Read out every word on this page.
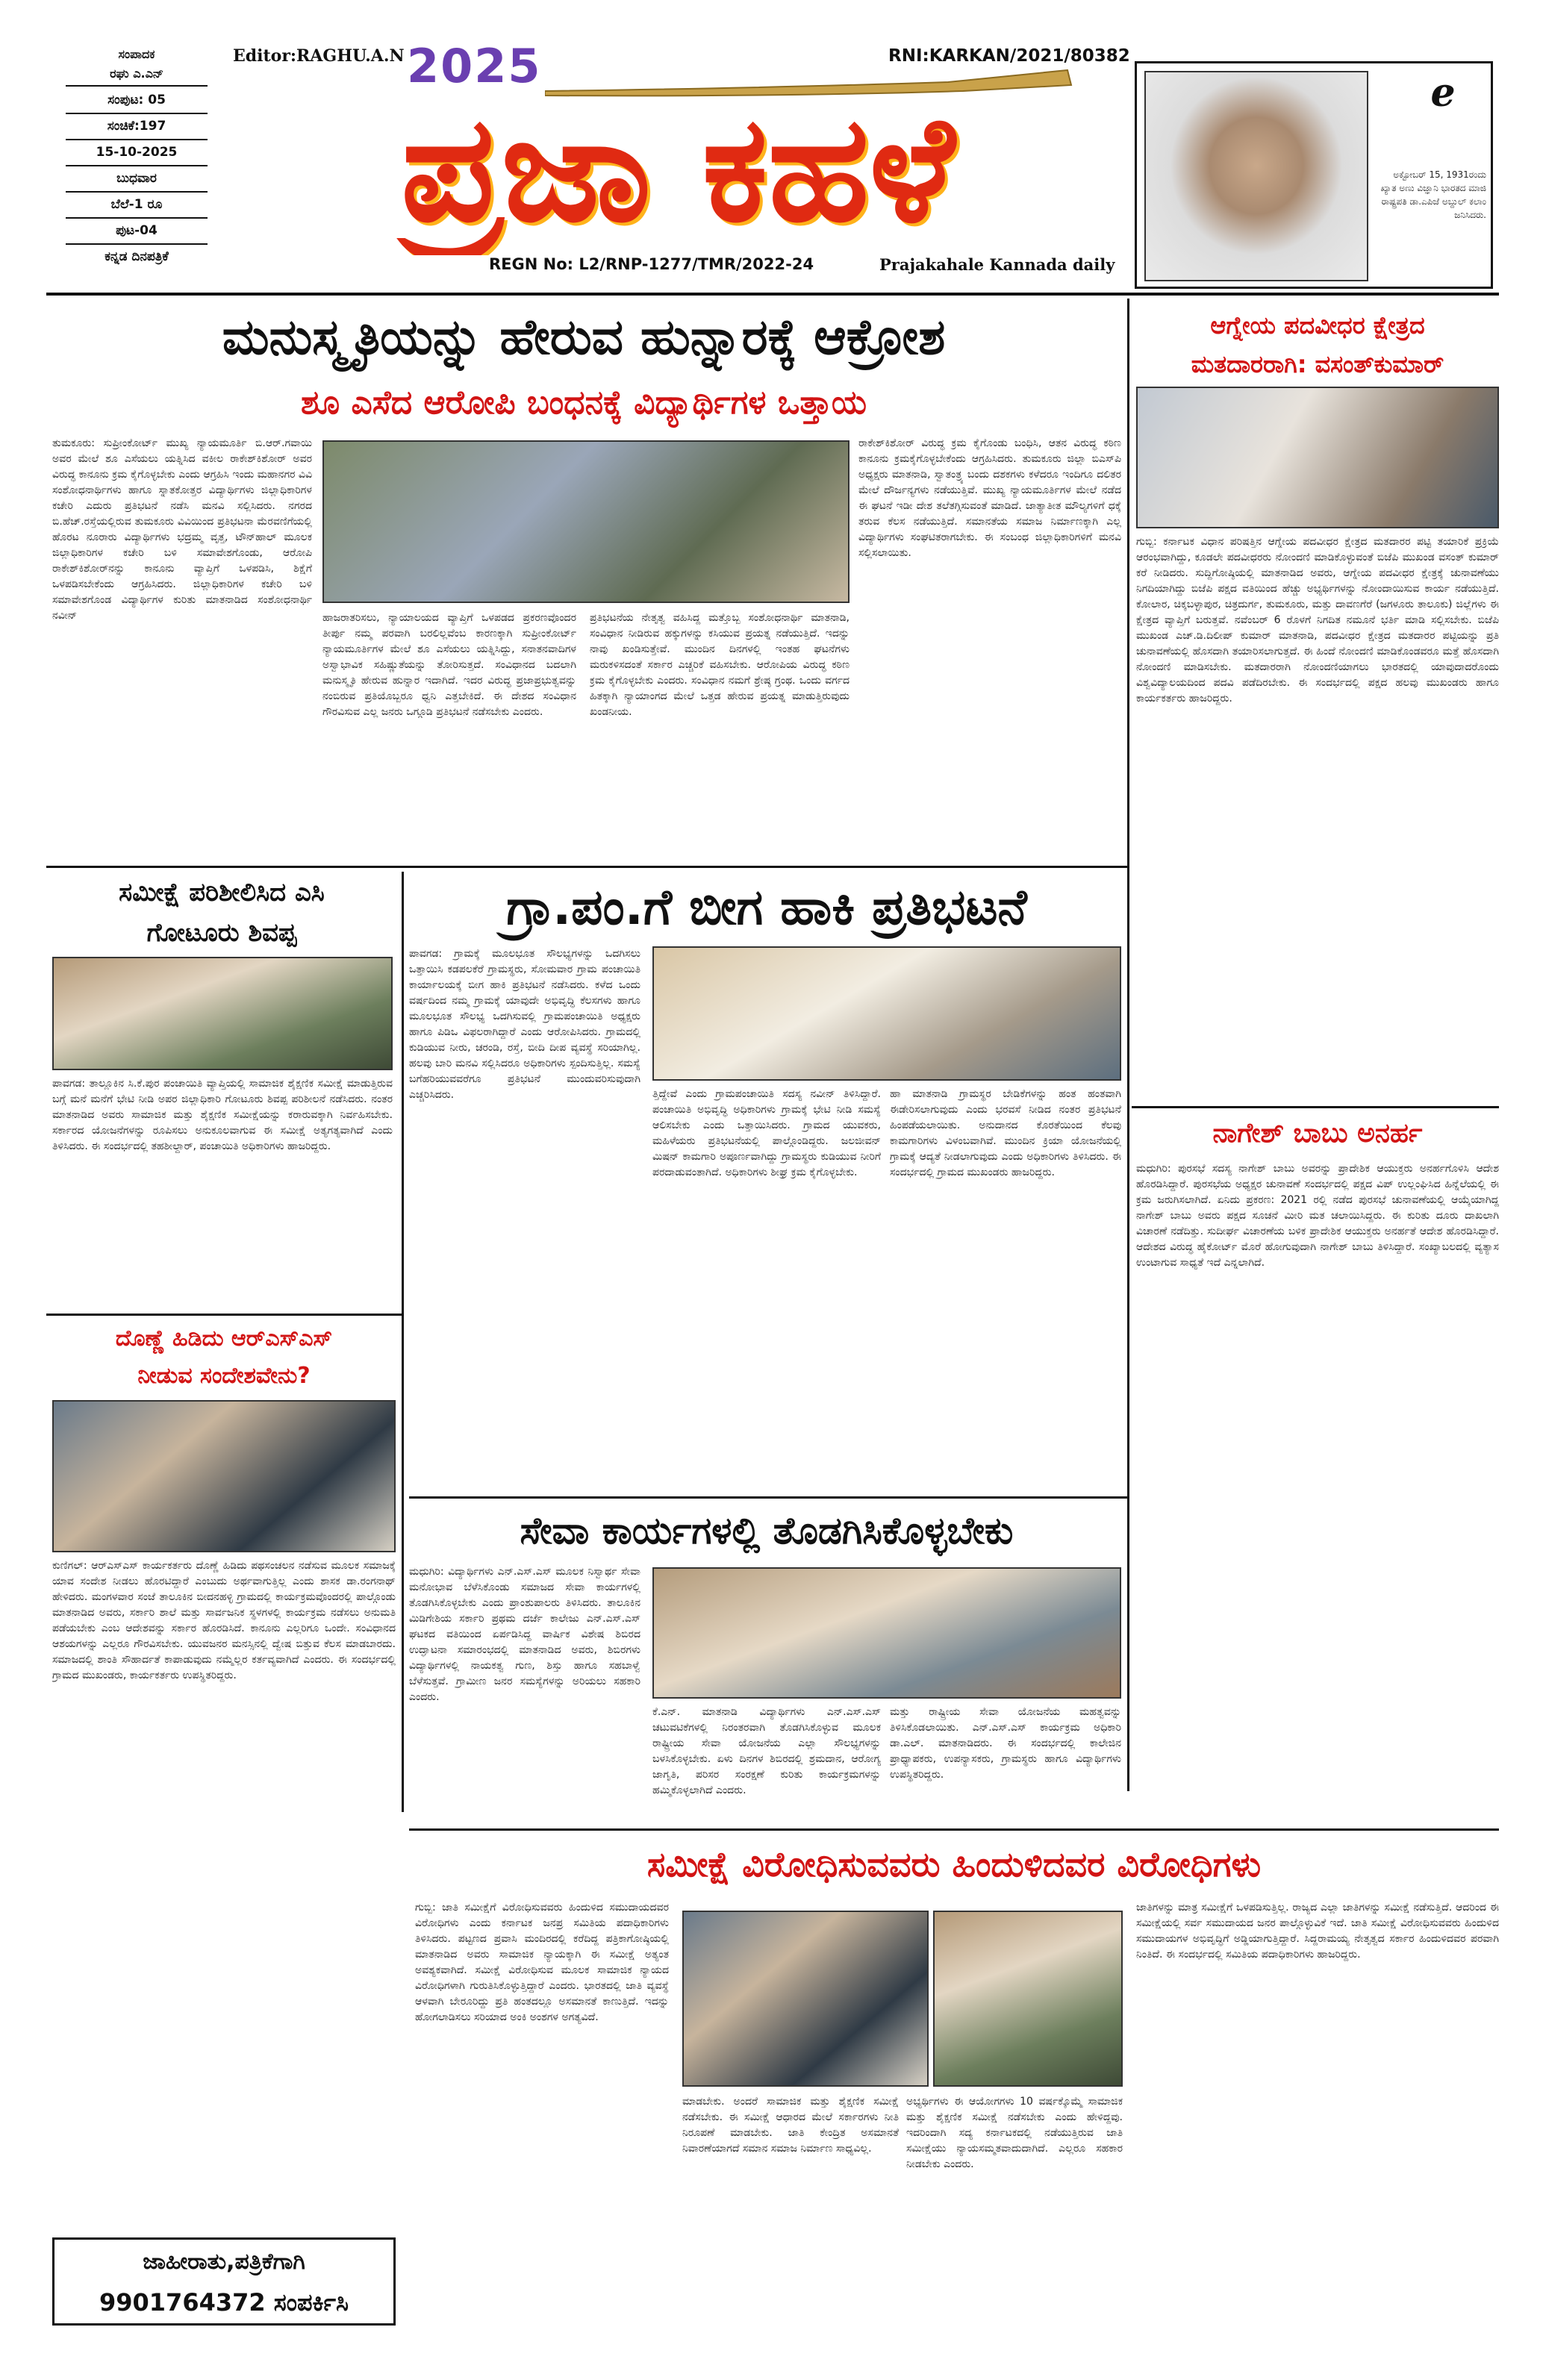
ಸಂಪಾದಕ
ರಘು ಎ.ಎನ್
ಸಂಪುಟ: 05
ಸಂಚಿಕೆ:197
15-10-2025
ಬುಧವಾರ
ಬೆಲೆ-1 ರೂ
ಪುಟ-04
ಕನ್ನಡ ದಿನಪತ್ರಿಕೆ
Editor:RAGHU.A.N 2025	RNI:KARKAN/2021/80382
ಪ್ರಜಾ ಕಹಳೆ
REGN No: L2/RNP-1277/TMR/2022-24	Prajakahale Kannada daily
e
ಅಕ್ಟೋಬರ್ 15, 1931ರಂದು ಖ್ಯಾತ ಅಣು ವಿಜ್ಞಾನಿ ಭಾರತದ ಮಾಜಿ ರಾಷ್ಟ್ರಪತಿ ಡಾ.ಎಪಿಜೆ ಅಬ್ದುಲ್ ಕಲಾಂ ಜನಿಸಿದರು.
ಮನುಸ್ಮೃತಿಯನ್ನು ಹೇರುವ ಹುನ್ನಾರಕ್ಕೆ ಆಕ್ರೋಶ
ಶೂ ಎಸೆದ ಆರೋಪಿ ಬಂಧನಕ್ಕೆ ವಿದ್ಯಾರ್ಥಿಗಳ ಒತ್ತಾಯ
ತುಮಕೂರು: ಸುಪ್ರೀಂಕೋರ್ಟ್ ಮುಖ್ಯ ನ್ಯಾಯಮೂರ್ತಿ ಬಿ.ಆರ್.ಗವಾಯಿ ಅವರ ಮೇಲೆ ಶೂ ಎಸೆಯಲು ಯತ್ನಿಸಿದ ವಕೀಲ ರಾಕೇಶ್‌ಕಿಶೋರ್ ಅವರ ವಿರುದ್ಧ ಕಾನೂನು ಕ್ರಮ ಕೈಗೊಳ್ಳಬೇಕು ಎಂದು ಆಗ್ರಹಿಸಿ ಇಂದು ಮಹಾನಗರ ವಿವಿ ಸಂಶೋಧನಾರ್ಥಿಗಳು ಹಾಗೂ ಸ್ನಾತಕೋತ್ತರ ವಿದ್ಯಾರ್ಥಿಗಳು ಜಿಲ್ಲಾಧಿಕಾರಿಗಳ ಕಚೇರಿ ಎದುರು ಪ್ರತಿಭಟನೆ ನಡೆಸಿ ಮನವಿ ಸಲ್ಲಿಸಿದರು. ನಗರದ ಬಿ.ಹೆಚ್.ರಸ್ತೆಯಲ್ಲಿರುವ ತುಮಕೂರು ವಿವಿಯಿಂದ ಪ್ರತಿಭಟನಾ ಮೆರವಣಿಗೆಯಲ್ಲಿ ಹೊರಟ ನೂರಾರು ವಿದ್ಯಾರ್ಥಿಗಳು ಭದ್ರಮ್ಮ ವೃತ್ತ, ಟೌನ್‌ಹಾಲ್ ಮೂಲಕ ಜಿಲ್ಲಾಧಿಕಾರಿಗಳ ಕಚೇರಿ ಬಳಿ ಸಮಾವೇಶಗೊಂಡು, ಆರೋಪಿ ರಾಕೇಶ್‌ಕಿಶೋರ್‌ನನ್ನು ಕಾನೂನು ವ್ಯಾಪ್ತಿಗೆ ಒಳಪಡಿಸಿ, ಶಿಕ್ಷೆಗೆ ಒಳಪಡಿಸಬೇಕೆಂದು ಆಗ್ರಹಿಸಿದರು. ಜಿಲ್ಲಾಧಿಕಾರಿಗಳ ಕಚೇರಿ ಬಳಿ ಸಮಾವೇಶಗೊಂಡ ವಿದ್ಯಾರ್ಥಿಗಳ ಕುರಿತು ಮಾತನಾಡಿದ ಸಂಶೋಧನಾರ್ಥಿ ನವೀನ್	ಹಾಜರಾತರಿಸಲು, ನ್ಯಾಯಾಲಯದ ವ್ಯಾಪ್ತಿಗೆ ಒಳಪಡದ ಪ್ರಕರಣವೊಂದರ ತೀರ್ಪು ನಮ್ಮ ಪರವಾಗಿ ಬರಲಿಲ್ಲವೆಂಬ ಕಾರಣಕ್ಕಾಗಿ ಸುಪ್ರೀಂಕೋರ್ಟ್ ನ್ಯಾಯಮೂರ್ತಿಗಳ ಮೇಲೆ ಶೂ ಎಸೆಯಲು ಯತ್ನಿಸಿದ್ದು, ಸನಾತನವಾದಿಗಳ ಅಸ್ವಾಭಾವಿಕ ಸಹಿಷ್ಣುತೆಯನ್ನು ತೋರಿಸುತ್ತದೆ. ಸಂವಿಧಾನದ ಬದಲಾಗಿ ಮನುಸ್ಮೃತಿ ಹೇರುವ ಹುನ್ನಾರ ಇದಾಗಿದೆ. ಇದರ ವಿರುದ್ಧ ಪ್ರಜಾಪ್ರಭುತ್ವವನ್ನು ನಂಬಿರುವ ಪ್ರತಿಯೊಬ್ಬರೂ ಧ್ವನಿ ಎತ್ತಬೇಕಿದೆ. ಈ ದೇಶದ ಸಂವಿಧಾನ ಗೌರವಿಸುವ ಎಲ್ಲ ಜನರು ಒಗ್ಗೂಡಿ ಪ್ರತಿಭಟನೆ ನಡೆಸಬೇಕು ಎಂದರು.
ಪ್ರತಿಭಟನೆಯ ನೇತೃತ್ವ ವಹಿಸಿದ್ದ ಮತ್ತೊಬ್ಬ ಸಂಶೋಧನಾರ್ಥಿ ಮಾತನಾಡಿ, ಸಂವಿಧಾನ ನೀಡಿರುವ ಹಕ್ಕುಗಳನ್ನು ಕಸಿಯುವ ಪ್ರಯತ್ನ ನಡೆಯುತ್ತಿದೆ. ಇದನ್ನು ನಾವು ಖಂಡಿಸುತ್ತೇವೆ. ಮುಂದಿನ ದಿನಗಳಲ್ಲಿ ಇಂತಹ ಘಟನೆಗಳು ಮರುಕಳಿಸದಂತೆ ಸರ್ಕಾರ ಎಚ್ಚರಿಕೆ ವಹಿಸಬೇಕು. ಆರೋಪಿಯ ವಿರುದ್ಧ ಕಠಿಣ ಕ್ರಮ ಕೈಗೊಳ್ಳಬೇಕು ಎಂದರು. ಸಂವಿಧಾನ ನಮಗೆ ಶ್ರೇಷ್ಠ ಗ್ರಂಥ. ಒಂದು ವರ್ಗದ ಹಿತಕ್ಕಾಗಿ ನ್ಯಾಯಾಂಗದ ಮೇಲೆ ಒತ್ತಡ ಹೇರುವ ಪ್ರಯತ್ನ ಮಾಡುತ್ತಿರುವುದು ಖಂಡನೀಯ.
ರಾಕೇಶ್‌ಕಿಶೋರ್ ವಿರುದ್ಧ ಕ್ರಮ ಕೈಗೊಂಡು ಬಂಧಿಸಿ, ಆತನ ವಿರುದ್ಧ ಕಠಿಣ ಕಾನೂನು ಕ್ರಮಕೈಗೊಳ್ಳಬೇಕೆಂದು ಆಗ್ರಹಿಸಿದರು. ತುಮಕೂರು ಜಿಲ್ಲಾ ಬಿಎಸ್‌ಪಿ ಅಧ್ಯಕ್ಷರು ಮಾತನಾಡಿ, ಸ್ವಾತಂತ್ರ್ಯ ಬಂದು ದಶಕಗಳು ಕಳೆದರೂ ಇಂದಿಗೂ ದಲಿತರ ಮೇಲೆ ದೌರ್ಜನ್ಯಗಳು ನಡೆಯುತ್ತಿವೆ. ಮುಖ್ಯ ನ್ಯಾಯಮೂರ್ತಿಗಳ ಮೇಲೆ ನಡೆದ ಈ ಘಟನೆ ಇಡೀ ದೇಶ ತಲೆತಗ್ಗಿಸುವಂತೆ ಮಾಡಿದೆ. ಜಾತ್ಯಾತೀತ ಮೌಲ್ಯಗಳಿಗೆ ಧಕ್ಕೆ ತರುವ ಕೆಲಸ ನಡೆಯುತ್ತಿದೆ. ಸಮಾನತೆಯ ಸಮಾಜ ನಿರ್ಮಾಣಕ್ಕಾಗಿ ಎಲ್ಲ ವಿದ್ಯಾರ್ಥಿಗಳು ಸಂಘಟಿತರಾಗಬೇಕು. ಈ ಸಂಬಂಧ ಜಿಲ್ಲಾಧಿಕಾರಿಗಳಿಗೆ ಮನವಿ ಸಲ್ಲಿಸಲಾಯಿತು.
ಆಗ್ನೇಯ ಪದವೀಧರ ಕ್ಷೇತ್ರದ
ಮತದಾರರಾಗಿ: ವಸಂತ್‌ಕುಮಾರ್
ಗುಬ್ಬಿ: ಕರ್ನಾಟಕ ವಿಧಾನ ಪರಿಷತ್ತಿನ ಆಗ್ನೇಯ ಪದವೀಧರ ಕ್ಷೇತ್ರದ ಮತದಾರರ ಪಟ್ಟಿ ತಯಾರಿಕೆ ಪ್ರಕ್ರಿಯೆ ಆರಂಭವಾಗಿದ್ದು, ಕೂಡಲೇ ಪದವೀಧರರು ನೋಂದಣಿ ಮಾಡಿಕೊಳ್ಳುವಂತೆ ಬಿಜೆಪಿ ಮುಖಂಡ ವಸಂತ್ ಕುಮಾರ್ ಕರೆ ನೀಡಿದರು. ಸುದ್ದಿಗೋಷ್ಠಿಯಲ್ಲಿ ಮಾತನಾಡಿದ ಅವರು, ಆಗ್ನೇಯ ಪದವೀಧರ ಕ್ಷೇತ್ರಕ್ಕೆ ಚುನಾವಣೆಯು ನಿಗದಿಯಾಗಿದ್ದು ಬಿಜೆಪಿ ಪಕ್ಷದ ವತಿಯಿಂದ ಹೆಚ್ಚು ಅಭ್ಯರ್ಥಿಗಳನ್ನು ನೋಂದಾಯಿಸುವ ಕಾರ್ಯ ನಡೆಯುತ್ತಿದೆ. ಕೋಲಾರ, ಚಿಕ್ಕಬಳ್ಳಾಪುರ, ಚಿತ್ರದುರ್ಗ, ತುಮಕೂರು, ಮತ್ತು ದಾವಣಗೆರೆ (ಜಗಳೂರು ತಾಲೂಕು) ಜಿಲ್ಲೆಗಳು ಈ ಕ್ಷೇತ್ರದ ವ್ಯಾಪ್ತಿಗೆ ಬರುತ್ತವೆ. ನವೆಂಬರ್ 6 ರೊಳಗೆ ನಿಗದಿತ ನಮೂನೆ ಭರ್ತಿ ಮಾಡಿ ಸಲ್ಲಿಸಬೇಕು. ಬಿಜೆಪಿ ಮುಖಂಡ ಎಚ್.ಡಿ.ದಿಲೀಪ್ ಕುಮಾರ್ ಮಾತನಾಡಿ, ಪದವೀಧರ ಕ್ಷೇತ್ರದ ಮತದಾರರ ಪಟ್ಟಿಯನ್ನು ಪ್ರತಿ ಚುನಾವಣೆಯಲ್ಲಿ ಹೊಸದಾಗಿ ತಯಾರಿಸಲಾಗುತ್ತದೆ. ಈ ಹಿಂದೆ ನೋಂದಣಿ ಮಾಡಿಕೊಂಡವರೂ ಮತ್ತೆ ಹೊಸದಾಗಿ ನೋಂದಣಿ ಮಾಡಿಸಬೇಕು. ಮತದಾರರಾಗಿ ನೋಂದಣಿಯಾಗಲು ಭಾರತದಲ್ಲಿ ಯಾವುದಾದರೊಂದು ವಿಶ್ವವಿದ್ಯಾಲಯದಿಂದ ಪದವಿ ಪಡೆದಿರಬೇಕು. ಈ ಸಂದರ್ಭದಲ್ಲಿ ಪಕ್ಷದ ಹಲವು ಮುಖಂಡರು ಹಾಗೂ ಕಾರ್ಯಕರ್ತರು ಹಾಜರಿದ್ದರು.
ಸಮೀಕ್ಷೆ ಪರಿಶೀಲಿಸಿದ ಎಸಿ
ಗೋಟೂರು ಶಿವಪ್ಪ
ಪಾವಗಡ: ತಾಲ್ಲೂಕಿನ ಸಿ.ಕೆ.ಪುರ ಪಂಚಾಯಿತಿ ವ್ಯಾಪ್ತಿಯಲ್ಲಿ ಸಾಮಾಜಿಕ ಶೈಕ್ಷಣಿಕ ಸಮೀಕ್ಷೆ ಮಾಡುತ್ತಿರುವ ಬಗ್ಗೆ ಮನೆ ಮನೆಗೆ ಭೇಟಿ ನೀಡಿ ಅಪರ ಜಿಲ್ಲಾಧಿಕಾರಿ ಗೋಟೂರು ಶಿವಪ್ಪ ಪರಿಶೀಲನೆ ನಡೆಸಿದರು. ನಂತರ ಮಾತನಾಡಿದ ಅವರು ಸಾಮಾಜಿಕ ಮತ್ತು ಶೈಕ್ಷಣಿಕ ಸಮೀಕ್ಷೆಯನ್ನು ಕರಾರುವಕ್ಕಾಗಿ ನಿರ್ವಹಿಸಬೇಕು. ಸರ್ಕಾರದ ಯೋಜನೆಗಳನ್ನು ರೂಪಿಸಲು ಅನುಕೂಲವಾಗುವ ಈ ಸಮೀಕ್ಷೆ ಅತ್ಯಗತ್ಯವಾಗಿದೆ ಎಂದು ತಿಳಿಸಿದರು. ಈ ಸಂದರ್ಭದಲ್ಲಿ ತಹಶೀಲ್ದಾರ್, ಪಂಚಾಯಿತಿ ಅಧಿಕಾರಿಗಳು ಹಾಜರಿದ್ದರು.
ದೊಣ್ಣೆ ಹಿಡಿದು ಆರ್‌ಎಸ್‌ಎಸ್
ನೀಡುವ ಸಂದೇಶವೇನು?
ಕುಣಿಗಲ್: ಆರ್‌ಎಸ್‌ಎಸ್ ಕಾರ್ಯಕರ್ತರು ದೊಣ್ಣೆ ಹಿಡಿದು ಪಥಸಂಚಲನ ನಡೆಸುವ ಮೂಲಕ ಸಮಾಜಕ್ಕೆ ಯಾವ ಸಂದೇಶ ನೀಡಲು ಹೊರಟಿದ್ದಾರೆ ಎಂಬುದು ಅರ್ಥವಾಗುತ್ತಿಲ್ಲ ಎಂದು ಶಾಸಕ ಡಾ.ರಂಗನಾಥ್ ಹೇಳಿದರು. ಮಂಗಳವಾರ ಸಂಜೆ ತಾಲೂಕಿನ ಬೀದನಹಳ್ಳಿ ಗ್ರಾಮದಲ್ಲಿ ಕಾರ್ಯಕ್ರಮವೊಂದರಲ್ಲಿ ಪಾಲ್ಗೊಂಡು ಮಾತನಾಡಿದ ಅವರು, ಸರ್ಕಾರಿ ಶಾಲೆ ಮತ್ತು ಸಾರ್ವಜನಿಕ ಸ್ಥಳಗಳಲ್ಲಿ ಕಾರ್ಯಕ್ರಮ ನಡೆಸಲು ಅನುಮತಿ ಪಡೆಯಬೇಕು ಎಂಬ ಆದೇಶವನ್ನು ಸರ್ಕಾರ ಹೊರಡಿಸಿದೆ. ಕಾನೂನು ಎಲ್ಲರಿಗೂ ಒಂದೇ. ಸಂವಿಧಾನದ ಆಶಯಗಳನ್ನು ಎಲ್ಲರೂ ಗೌರವಿಸಬೇಕು. ಯುವಜನರ ಮನಸ್ಸಿನಲ್ಲಿ ದ್ವೇಷ ಬಿತ್ತುವ ಕೆಲಸ ಮಾಡಬಾರದು. ಸಮಾಜದಲ್ಲಿ ಶಾಂತಿ ಸೌಹಾರ್ದತೆ ಕಾಪಾಡುವುದು ನಮ್ಮೆಲ್ಲರ ಕರ್ತವ್ಯವಾಗಿದೆ ಎಂದರು. ಈ ಸಂದರ್ಭದಲ್ಲಿ ಗ್ರಾಮದ ಮುಖಂಡರು, ಕಾರ್ಯಕರ್ತರು ಉಪಸ್ಥಿತರಿದ್ದರು.
ಜಾಹೀರಾತು,ಪತ್ರಿಕೆಗಾಗಿ
9901764372 ಸಂಪರ್ಕಿಸಿ
ಗ್ರಾ.ಪಂ.ಗೆ ಬೀಗ ಹಾಕಿ ಪ್ರತಿಭಟನೆ
ಪಾವಗಡ: ಗ್ರಾಮಕ್ಕೆ ಮೂಲಭೂತ ಸೌಲಭ್ಯಗಳನ್ನು ಒದಗಿಸಲು ಒತ್ತಾಯಿಸಿ ಕಡಪಲಕೆರೆ ಗ್ರಾಮಸ್ಥರು, ಸೋಮವಾರ ಗ್ರಾಮ ಪಂಚಾಯಿತಿ ಕಾರ್ಯಾಲಯಕ್ಕೆ ಬೀಗ ಹಾಕಿ ಪ್ರತಿಭಟನೆ ನಡೆಸಿದರು. ಕಳೆದ ಒಂದು ವರ್ಷದಿಂದ ನಮ್ಮ ಗ್ರಾಮಕ್ಕೆ ಯಾವುದೇ ಅಭಿವೃದ್ಧಿ ಕೆಲಸಗಳು ಹಾಗೂ ಮೂಲಭೂತ ಸೌಲಭ್ಯ ಒದಗಿಸುವಲ್ಲಿ ಗ್ರಾಮಪಂಚಾಯಿತಿ ಅಧ್ಯಕ್ಷರು ಹಾಗೂ ಪಿಡಿಒ ವಿಫಲರಾಗಿದ್ದಾರೆ ಎಂದು ಆರೋಪಿಸಿದರು. ಗ್ರಾಮದಲ್ಲಿ ಕುಡಿಯುವ ನೀರು, ಚರಂಡಿ, ರಸ್ತೆ, ಬೀದಿ ದೀಪ ವ್ಯವಸ್ಥೆ ಸರಿಯಾಗಿಲ್ಲ. ಹಲವು ಬಾರಿ ಮನವಿ ಸಲ್ಲಿಸಿದರೂ ಅಧಿಕಾರಿಗಳು ಸ್ಪಂದಿಸುತ್ತಿಲ್ಲ. ಸಮಸ್ಯೆ ಬಗೆಹರಿಯುವವರೆಗೂ ಪ್ರತಿಭಟನೆ ಮುಂದುವರಿಸುವುದಾಗಿ ಎಚ್ಚರಿಸಿದರು.	ತ್ತಿದ್ದೇವೆ ಎಂದು ಗ್ರಾಮಪಂಚಾಯಿತಿ ಸದಸ್ಯ ನವೀನ್ ತಿಳಿಸಿದ್ದಾರೆ. ಪಂಚಾಯಿತಿ ಅಭಿವೃದ್ಧಿ ಅಧಿಕಾರಿಗಳು ಗ್ರಾಮಕ್ಕೆ ಭೇಟಿ ನೀಡಿ ಸಮಸ್ಯೆ ಆಲಿಸಬೇಕು ಎಂದು ಒತ್ತಾಯಿಸಿದರು. ಗ್ರಾಮದ ಯುವಕರು, ಮಹಿಳೆಯರು ಪ್ರತಿಭಟನೆಯಲ್ಲಿ ಪಾಲ್ಗೊಂಡಿದ್ದರು. ಜಲಜೀವನ್ ಮಿಷನ್ ಕಾಮಗಾರಿ ಅಪೂರ್ಣವಾಗಿದ್ದು ಗ್ರಾಮಸ್ಥರು ಕುಡಿಯುವ ನೀರಿಗೆ ಪರದಾಡುವಂತಾಗಿದೆ. ಅಧಿಕಾರಿಗಳು ಶೀಘ್ರ ಕ್ರಮ ಕೈಗೊಳ್ಳಬೇಕು.
ಹಾ ಮಾತನಾಡಿ ಗ್ರಾಮಸ್ಥರ ಬೇಡಿಕೆಗಳನ್ನು ಹಂತ ಹಂತವಾಗಿ ಈಡೇರಿಸಲಾಗುವುದು ಎಂದು ಭರವಸೆ ನೀಡಿದ ನಂತರ ಪ್ರತಿಭಟನೆ ಹಿಂಪಡೆಯಲಾಯಿತು. ಅನುದಾನದ ಕೊರತೆಯಿಂದ ಕೆಲವು ಕಾಮಗಾರಿಗಳು ವಿಳಂಬವಾಗಿವೆ. ಮುಂದಿನ ಕ್ರಿಯಾ ಯೋಜನೆಯಲ್ಲಿ ಗ್ರಾಮಕ್ಕೆ ಆದ್ಯತೆ ನೀಡಲಾಗುವುದು ಎಂದು ಅಧಿಕಾರಿಗಳು ತಿಳಿಸಿದರು. ಈ ಸಂದರ್ಭದಲ್ಲಿ ಗ್ರಾಮದ ಮುಖಂಡರು ಹಾಜರಿದ್ದರು.
ಸೇವಾ ಕಾರ್ಯಗಳಲ್ಲಿ ತೊಡಗಿಸಿಕೊಳ್ಳಬೇಕು
ಮಧುಗಿರಿ: ವಿದ್ಯಾರ್ಥಿಗಳು ಎನ್.ಎಸ್.ಎಸ್ ಮೂಲಕ ನಿಸ್ವಾರ್ಥ ಸೇವಾ ಮನೋಭಾವ ಬೆಳೆಸಿಕೊಂಡು ಸಮಾಜದ ಸೇವಾ ಕಾರ್ಯಗಳಲ್ಲಿ ತೊಡಗಿಸಿಕೊಳ್ಳಬೇಕು ಎಂದು ಪ್ರಾಂಶುಪಾಲರು ತಿಳಿಸಿದರು. ತಾಲೂಕಿನ ಮಿಡಿಗೇಶಿಯ ಸರ್ಕಾರಿ ಪ್ರಥಮ ದರ್ಜೆ ಕಾಲೇಜು ಎನ್.ಎಸ್.ಎಸ್ ಘಟಕದ ವತಿಯಿಂದ ಏರ್ಪಡಿಸಿದ್ದ ವಾರ್ಷಿಕ ವಿಶೇಷ ಶಿಬಿರದ ಉದ್ಘಾಟನಾ ಸಮಾರಂಭದಲ್ಲಿ ಮಾತನಾಡಿದ ಅವರು, ಶಿಬಿರಗಳು ವಿದ್ಯಾರ್ಥಿಗಳಲ್ಲಿ ನಾಯಕತ್ವ ಗುಣ, ಶಿಸ್ತು ಹಾಗೂ ಸಹಬಾಳ್ವೆ ಬೆಳೆಸುತ್ತವೆ. ಗ್ರಾಮೀಣ ಜನರ ಸಮಸ್ಯೆಗಳನ್ನು ಅರಿಯಲು ಸಹಕಾರಿ ಎಂದರು.
ಕೆ.ಎನ್. ಮಾತನಾಡಿ ವಿದ್ಯಾರ್ಥಿಗಳು ಎನ್.ಎಸ್.ಎಸ್ ಚಟುವಟಿಕೆಗಳಲ್ಲಿ ನಿರಂತರವಾಗಿ ತೊಡಗಿಸಿಕೊಳ್ಳುವ ಮೂಲಕ ರಾಷ್ಟ್ರೀಯ ಸೇವಾ ಯೋಜನೆಯ ಎಲ್ಲಾ ಸೌಲಭ್ಯಗಳನ್ನು ಬಳಸಿಕೊಳ್ಳಬೇಕು. ಏಳು ದಿನಗಳ ಶಿಬಿರದಲ್ಲಿ ಶ್ರಮದಾನ, ಆರೋಗ್ಯ ಜಾಗೃತಿ, ಪರಿಸರ ಸಂರಕ್ಷಣೆ ಕುರಿತು ಕಾರ್ಯಕ್ರಮಗಳನ್ನು ಹಮ್ಮಿಕೊಳ್ಳಲಾಗಿದೆ ಎಂದರು.
ಮತ್ತು ರಾಷ್ಟ್ರೀಯ ಸೇವಾ ಯೋಜನೆಯ ಮಹತ್ವವನ್ನು ತಿಳಿಸಿಕೊಡಲಾಯಿತು. ಎನ್.ಎಸ್.ಎಸ್ ಕಾರ್ಯಕ್ರಮ ಅಧಿಕಾರಿ ಡಾ.ಎಲ್. ಮಾತನಾಡಿದರು. ಈ ಸಂದರ್ಭದಲ್ಲಿ ಕಾಲೇಜಿನ ಪ್ರಾಧ್ಯಾಪಕರು, ಉಪನ್ಯಾಸಕರು, ಗ್ರಾಮಸ್ಥರು ಹಾಗೂ ವಿದ್ಯಾರ್ಥಿಗಳು ಉಪಸ್ಥಿತರಿದ್ದರು.
ನಾಗೇಶ್ ಬಾಬು ಅನರ್ಹ
ಮಧುಗಿರಿ: ಪುರಸಭೆ ಸದಸ್ಯ ನಾಗೇಶ್ ಬಾಬು ಅವರನ್ನು ಪ್ರಾದೇಶಿಕ ಆಯುಕ್ತರು ಅನರ್ಹಗೊಳಿಸಿ ಆದೇಶ ಹೊರಡಿಸಿದ್ದಾರೆ. ಪುರಸಭೆಯ ಅಧ್ಯಕ್ಷರ ಚುನಾವಣೆ ಸಂದರ್ಭದಲ್ಲಿ ಪಕ್ಷದ ವಿಪ್ ಉಲ್ಲಂಘಿಸಿದ ಹಿನ್ನೆಲೆಯಲ್ಲಿ ಈ ಕ್ರಮ ಜರುಗಿಸಲಾಗಿದೆ. ಏನಿದು ಪ್ರಕರಣ: 2021 ರಲ್ಲಿ ನಡೆದ ಪುರಸಭೆ ಚುನಾವಣೆಯಲ್ಲಿ ಆಯ್ಕೆಯಾಗಿದ್ದ ನಾಗೇಶ್ ಬಾಬು ಅವರು ಪಕ್ಷದ ಸೂಚನೆ ಮೀರಿ ಮತ ಚಲಾಯಿಸಿದ್ದರು. ಈ ಕುರಿತು ದೂರು ದಾಖಲಾಗಿ ವಿಚಾರಣೆ ನಡೆದಿತ್ತು. ಸುದೀರ್ಘ ವಿಚಾರಣೆಯ ಬಳಿಕ ಪ್ರಾದೇಶಿಕ ಆಯುಕ್ತರು ಅನರ್ಹತೆ ಆದೇಶ ಹೊರಡಿಸಿದ್ದಾರೆ. ಆದೇಶದ ವಿರುದ್ಧ ಹೈಕೋರ್ಟ್ ಮೊರೆ ಹೋಗುವುದಾಗಿ ನಾಗೇಶ್ ಬಾಬು ತಿಳಿಸಿದ್ದಾರೆ. ಸಂಖ್ಯಾಬಲದಲ್ಲಿ ವ್ಯತ್ಯಾಸ ಉಂಟಾಗುವ ಸಾಧ್ಯತೆ ಇದೆ ಎನ್ನಲಾಗಿದೆ.
ಸಮೀಕ್ಷೆ ವಿರೋಧಿಸುವವರು ಹಿಂದುಳಿದವರ ವಿರೋಧಿಗಳು
ಗುಬ್ಬಿ: ಜಾತಿ ಸಮೀಕ್ಷೆಗೆ ವಿರೋಧಿಸುವವರು ಹಿಂದುಳಿದ ಸಮುದಾಯದವರ ವಿರೋಧಿಗಳು ಎಂದು ಕರ್ನಾಟಕ ಜನಪ್ರ ಸಮಿತಿಯ ಪದಾಧಿಕಾರಿಗಳು ತಿಳಿಸಿದರು. ಪಟ್ಟಣದ ಪ್ರವಾಸಿ ಮಂದಿರದಲ್ಲಿ ಕರೆದಿದ್ದ ಪತ್ರಿಕಾಗೋಷ್ಠಿಯಲ್ಲಿ ಮಾತನಾಡಿದ ಅವರು ಸಾಮಾಜಿಕ ನ್ಯಾಯಕ್ಕಾಗಿ ಈ ಸಮೀಕ್ಷೆ ಅತ್ಯಂತ ಅವಶ್ಯಕವಾಗಿದೆ. ಸಮೀಕ್ಷೆ ವಿರೋಧಿಸುವ ಮೂಲಕ ಸಾಮಾಜಿಕ ನ್ಯಾಯದ ವಿರೋಧಿಗಳಾಗಿ ಗುರುತಿಸಿಕೊಳ್ಳುತ್ತಿದ್ದಾರೆ ಎಂದರು. ಭಾರತದಲ್ಲಿ ಜಾತಿ ವ್ಯವಸ್ಥೆ ಆಳವಾಗಿ ಬೇರೂರಿದ್ದು ಪ್ರತಿ ಹಂತದಲ್ಲೂ ಅಸಮಾನತೆ ಕಾಣುತ್ತಿದೆ. ಇದನ್ನು ಹೋಗಲಾಡಿಸಲು ಸರಿಯಾದ ಅಂಕಿ ಅಂಶಗಳ ಅಗತ್ಯವಿದೆ.
ಮಾಡಬೇಕು. ಅಂದರೆ ಸಾಮಾಜಿಕ ಮತ್ತು ಶೈಕ್ಷಣಿಕ ಸಮೀಕ್ಷೆ ನಡೆಸಬೇಕು. ಈ ಸಮೀಕ್ಷೆ ಆಧಾರದ ಮೇಲೆ ಸರ್ಕಾರಗಳು ನೀತಿ ನಿರೂಪಣೆ ಮಾಡಬೇಕು. ಜಾತಿ ಕೇಂದ್ರಿತ ಅಸಮಾನತೆ ನಿವಾರಣೆಯಾಗದೆ ಸಮಾನ ಸಮಾಜ ನಿರ್ಮಾಣ ಸಾಧ್ಯವಿಲ್ಲ.
ಅಭ್ಯರ್ಥಿಗಳು ಈ ಆಯೋಗಗಳು 10 ವರ್ಷಕ್ಕೊಮ್ಮೆ ಸಾಮಾಜಿಕ ಮತ್ತು ಶೈಕ್ಷಣಿಕ ಸಮೀಕ್ಷೆ ನಡೆಸಬೇಕು ಎಂದು ಹೇಳಿದ್ದವು. ಇದರಿಂದಾಗಿ ಸದ್ಯ ಕರ್ನಾಟಕದಲ್ಲಿ ನಡೆಯುತ್ತಿರುವ ಜಾತಿ ಸಮೀಕ್ಷೆಯು ನ್ಯಾಯಸಮ್ಮತವಾದುದಾಗಿದೆ. ಎಲ್ಲರೂ ಸಹಕಾರ ನೀಡಬೇಕು ಎಂದರು.
ಜಾತಿಗಳನ್ನು ಮಾತ್ರ ಸಮೀಕ್ಷೆಗೆ ಒಳಪಡಿಸುತ್ತಿಲ್ಲ. ರಾಜ್ಯದ ಎಲ್ಲಾ ಜಾತಿಗಳನ್ನು ಸಮೀಕ್ಷೆ ನಡೆಸುತ್ತಿದೆ. ಆದರಿಂದ ಈ ಸಮೀಕ್ಷೆಯಲ್ಲಿ ಸರ್ವ ಸಮುದಾಯದ ಜನರ ಪಾಲ್ಗೊಳ್ಳುವಿಕೆ ಇದೆ. ಜಾತಿ ಸಮೀಕ್ಷೆ ವಿರೋಧಿಸುವವರು ಹಿಂದುಳಿದ ಸಮುದಾಯಗಳ ಅಭಿವೃದ್ಧಿಗೆ ಅಡ್ಡಿಯಾಗುತ್ತಿದ್ದಾರೆ. ಸಿದ್ದರಾಮಯ್ಯ ನೇತೃತ್ವದ ಸರ್ಕಾರ ಹಿಂದುಳಿದವರ ಪರವಾಗಿ ನಿಂತಿದೆ. ಈ ಸಂದರ್ಭದಲ್ಲಿ ಸಮಿತಿಯ ಪದಾಧಿಕಾರಿಗಳು ಹಾಜರಿದ್ದರು.
